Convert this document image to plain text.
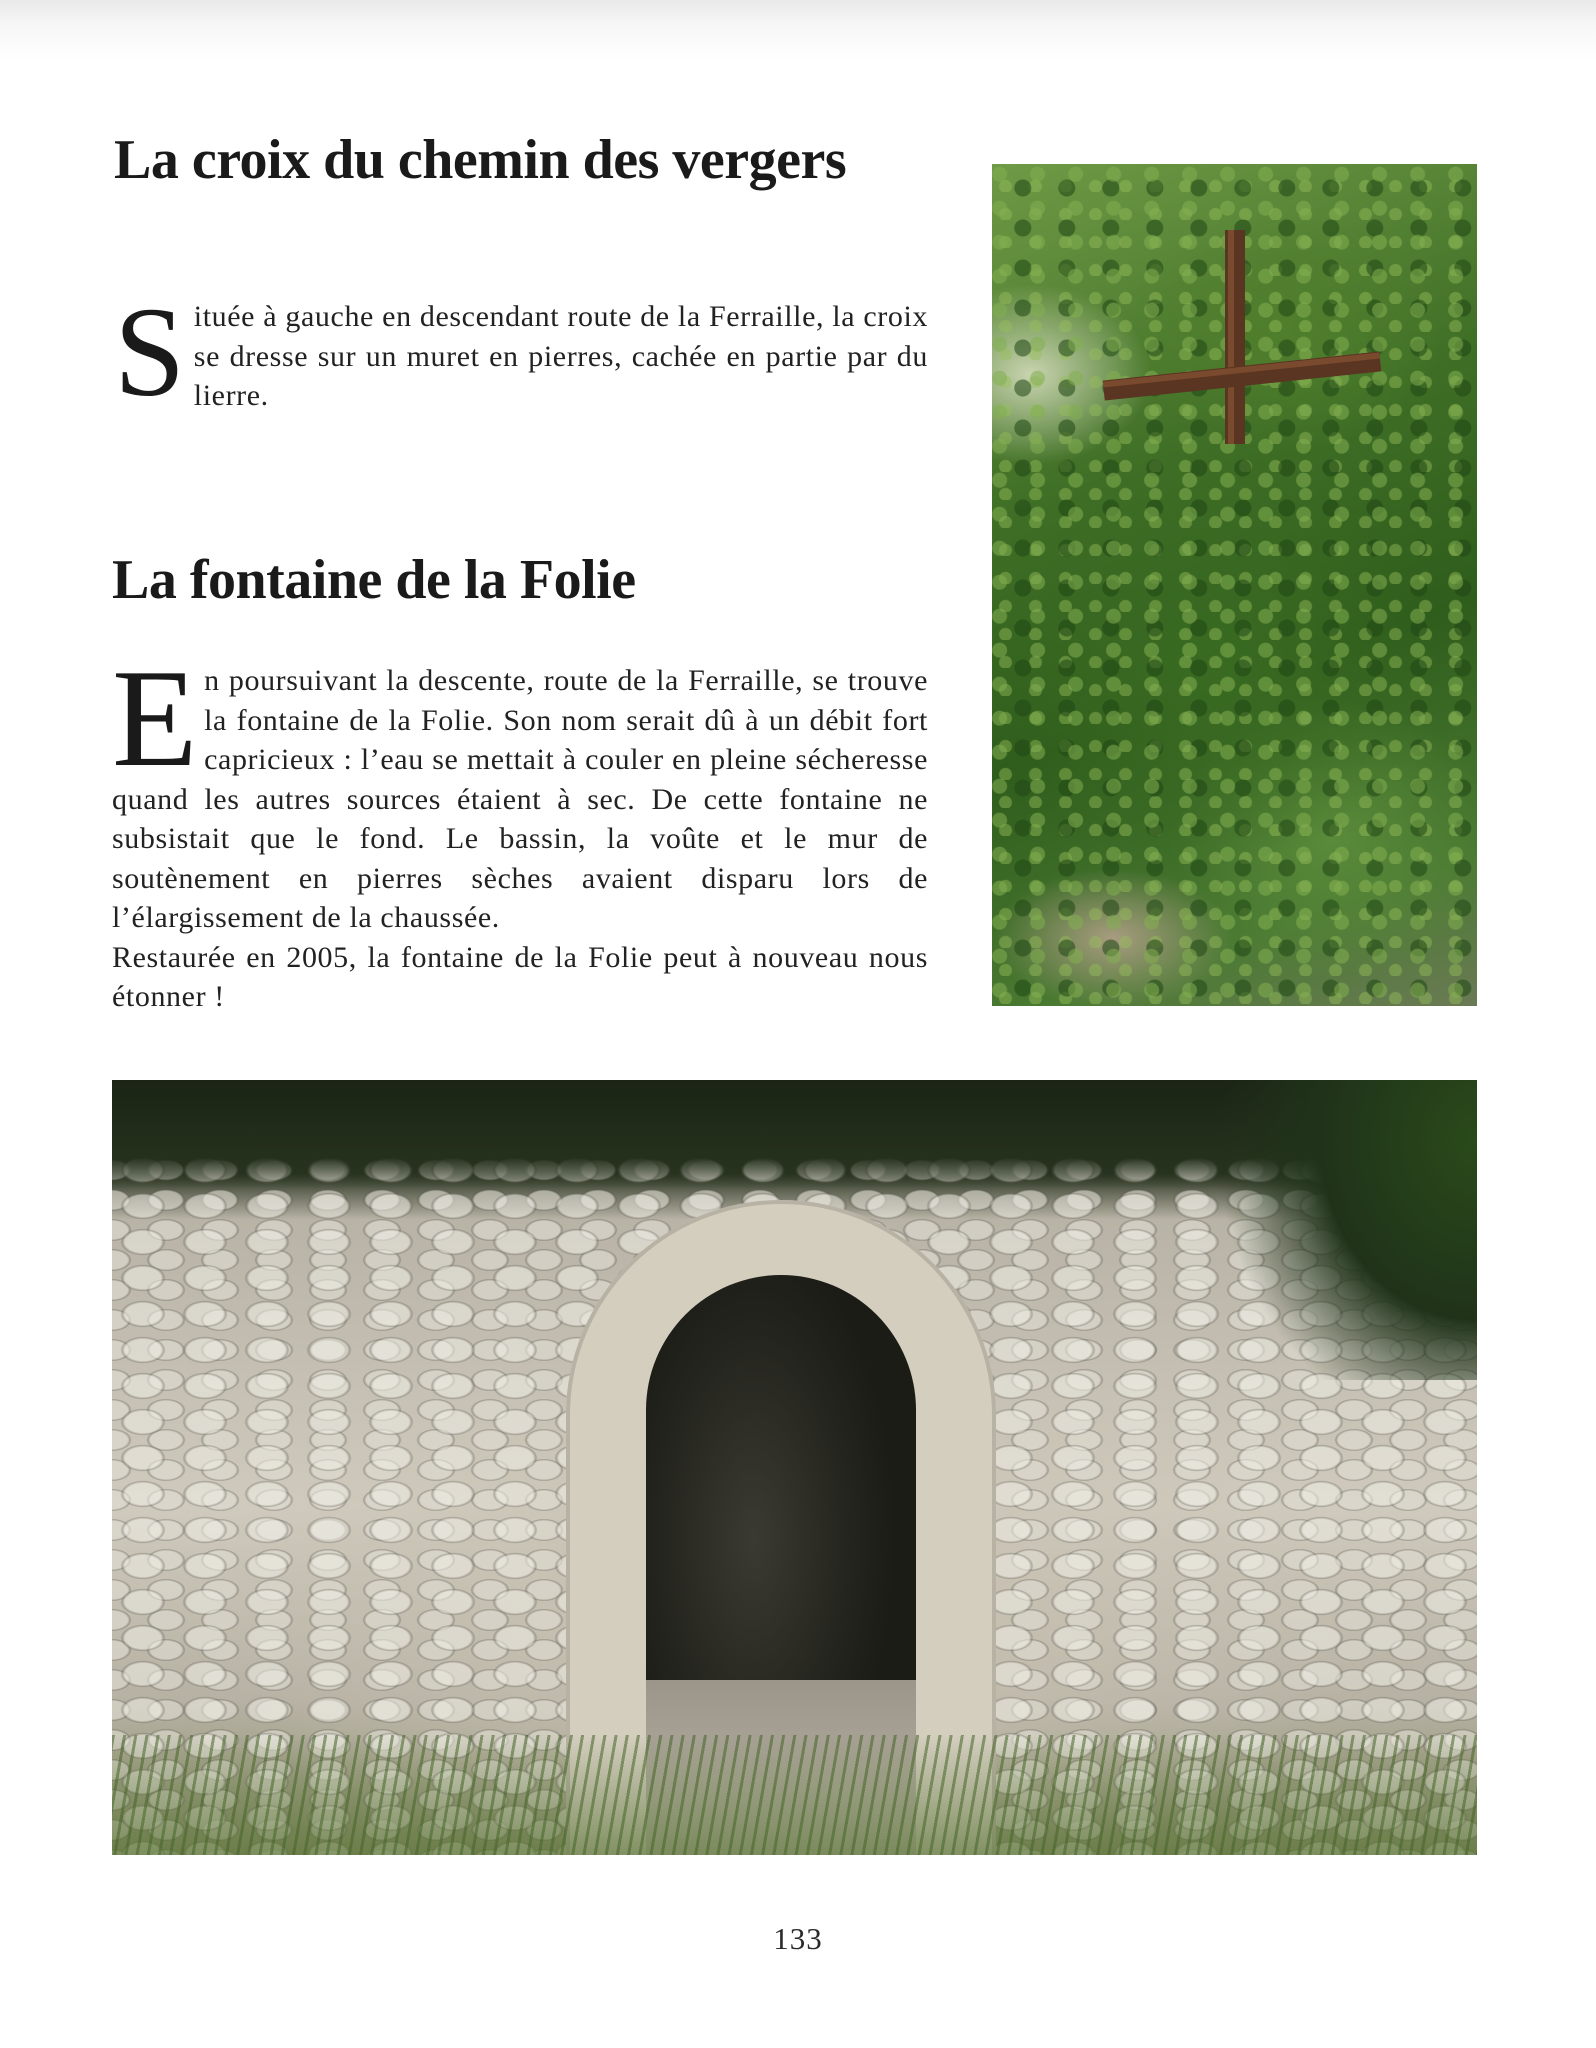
La croix du chemin des vergers

Située à gauche en descendant route de la Ferraille, la croix se dresse sur un muret en pierres, cachée en partie par du lierre.

La fontaine de la Folie
En poursuivant la descente, route de la Ferraille, se trouve la fontaine de la Folie. Son nom serait dû à un débit fort capricieux : l’eau se mettait à couler en pleine sécheresse quand les autres sources étaient à sec. De cette fontaine ne subsistait que le fond. Le bassin, la voûte et le mur de soutènement en pierres sèches avaient disparu lors de l’élargissement de la chaussée.
Restaurée en 2005, la fontaine de la Folie peut à nouveau nous étonner !
133
